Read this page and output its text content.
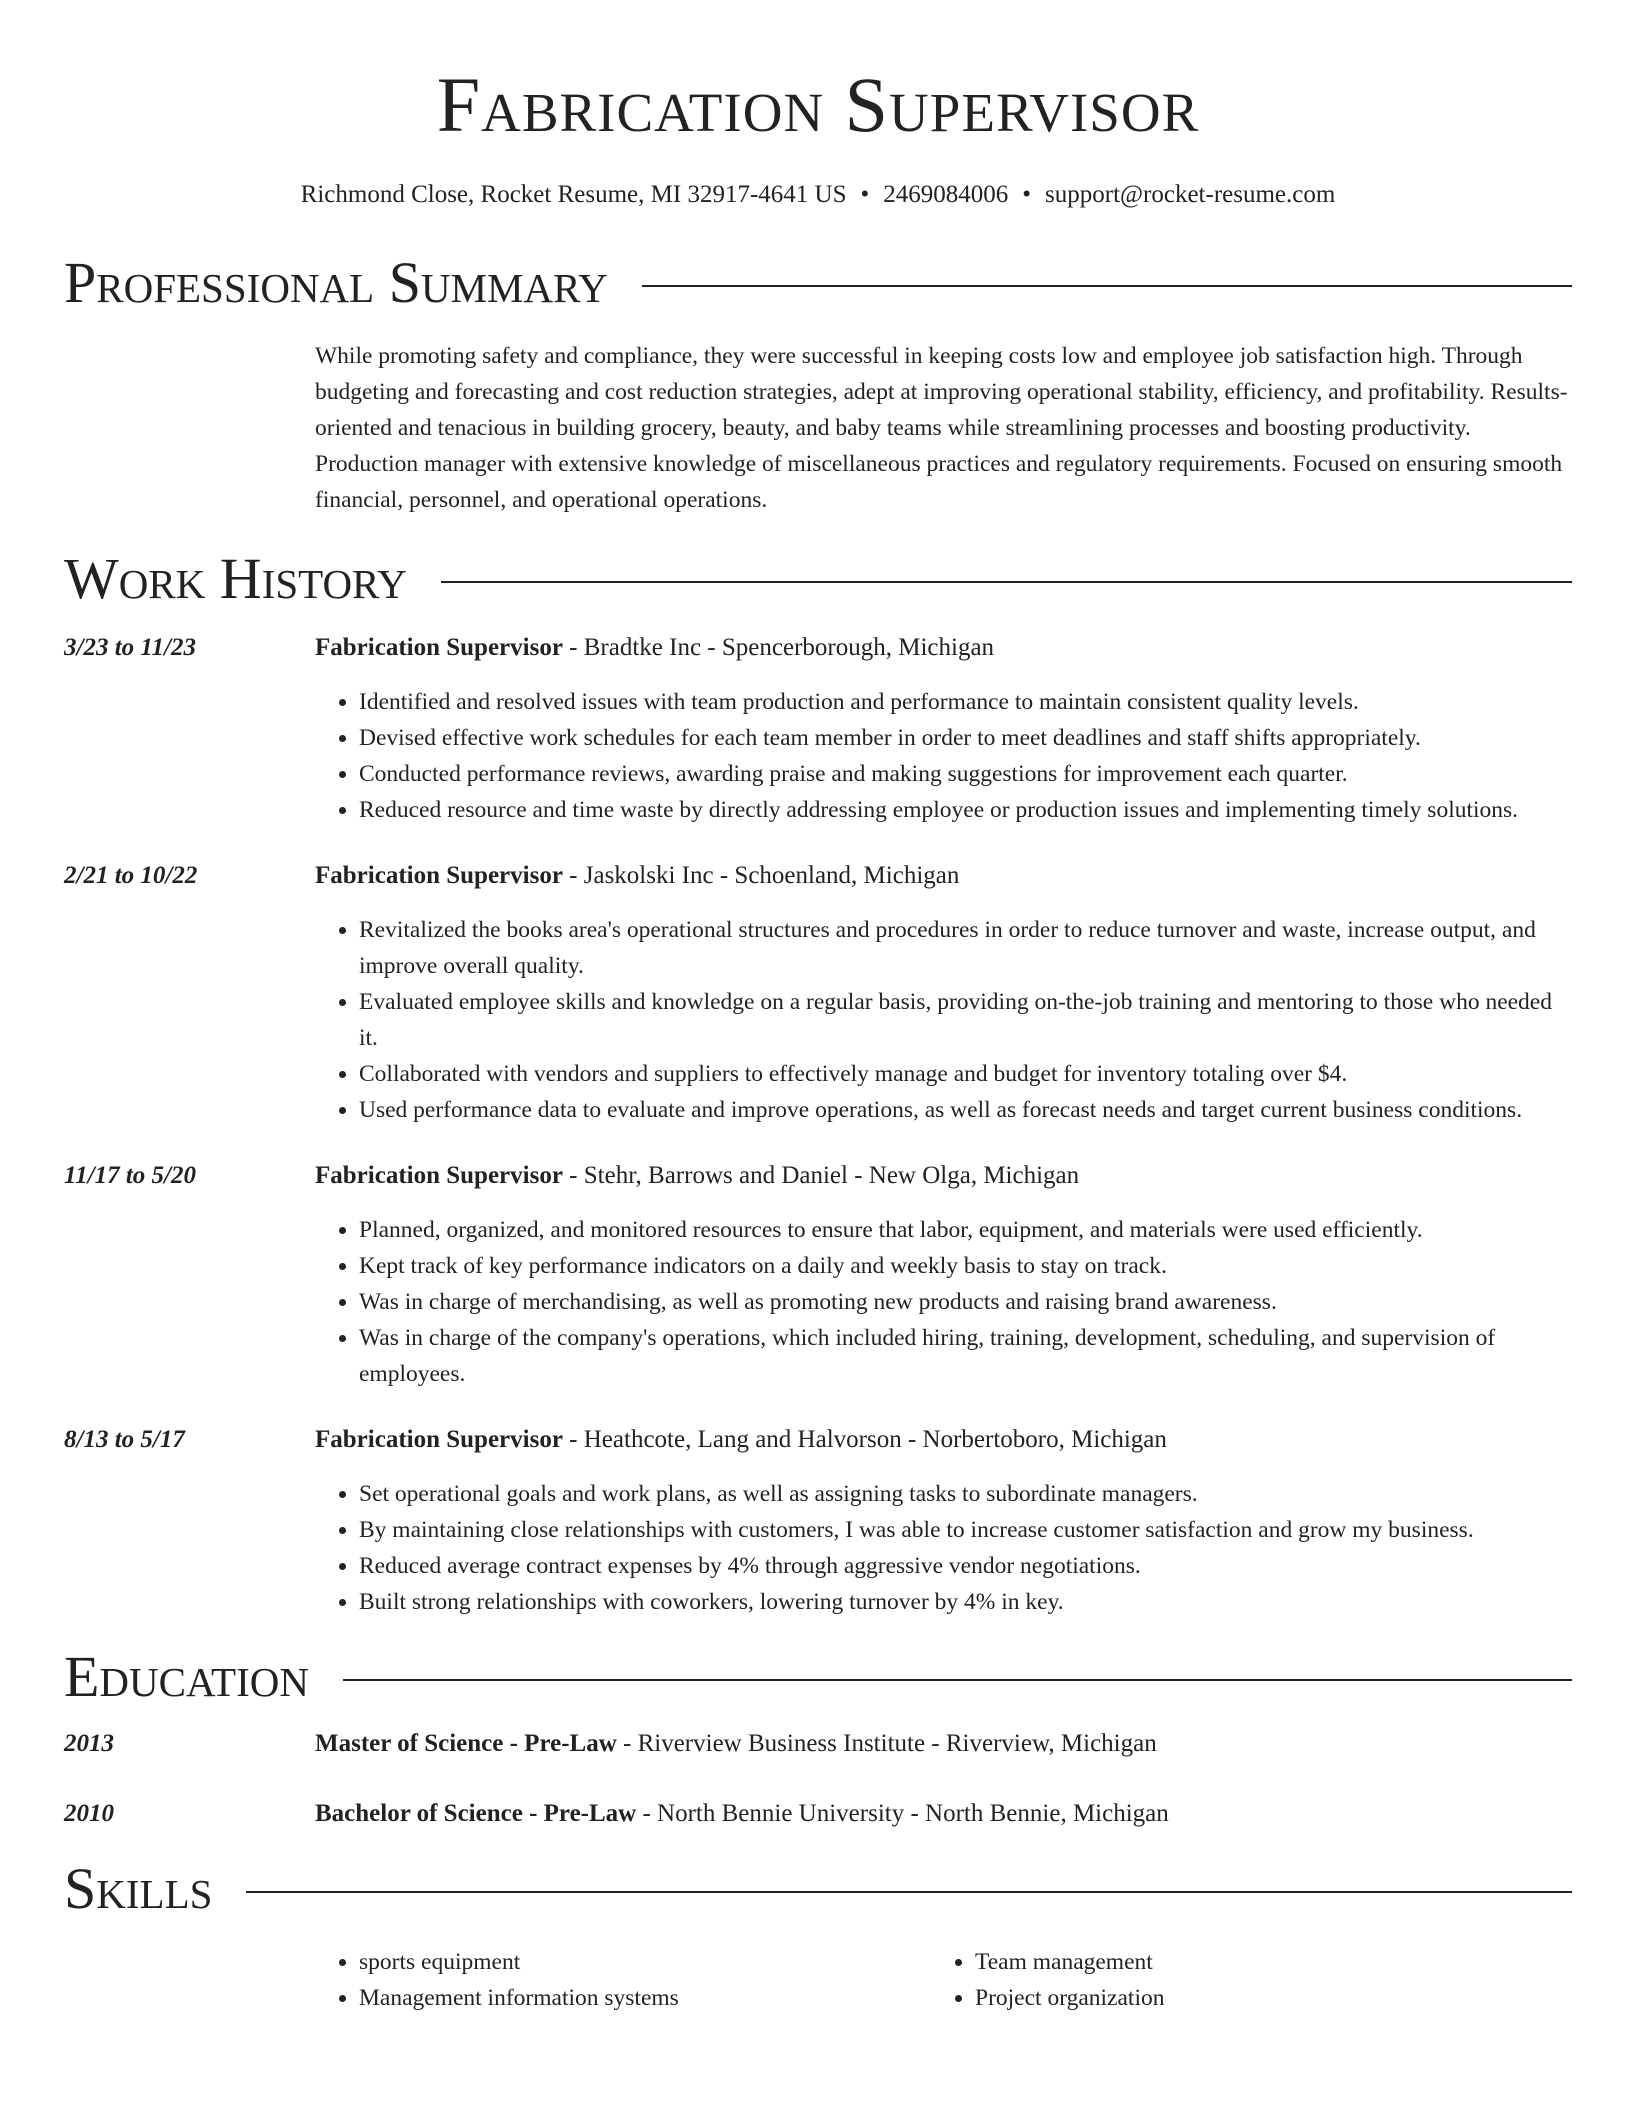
Fabrication Supervisor
Richmond Close, Rocket Resume, MI 32917-4641 US • 2469084006 • support@rocket-resume.com
Professional Summary
While promoting safety and compliance, they were successful in keeping costs low and employee job satisfaction high. Through budgeting and forecasting and cost reduction strategies, adept at improving operational stability, efficiency, and profitability. Results-oriented and tenacious in building grocery, beauty, and baby teams while streamlining processes and boosting productivity. Production manager with extensive knowledge of miscellaneous practices and regulatory requirements. Focused on ensuring smooth financial, personnel, and operational operations.
Work History
3/23 to 11/23	Fabrication Supervisor - Bradtke Inc - Spencerborough, Michigan
• Identified and resolved issues with team production and performance to maintain consistent quality levels.
• Devised effective work schedules for each team member in order to meet deadlines and staff shifts appropriately.
• Conducted performance reviews, awarding praise and making suggestions for improvement each quarter.
• Reduced resource and time waste by directly addressing employee or production issues and implementing timely solutions.
2/21 to 10/22	Fabrication Supervisor - Jaskolski Inc - Schoenland, Michigan
• Revitalized the books area's operational structures and procedures in order to reduce turnover and waste, increase output, and improve overall quality.
• Evaluated employee skills and knowledge on a regular basis, providing on-the-job training and mentoring to those who needed it.
• Collaborated with vendors and suppliers to effectively manage and budget for inventory totaling over $4.
• Used performance data to evaluate and improve operations, as well as forecast needs and target current business conditions.
11/17 to 5/20	Fabrication Supervisor - Stehr, Barrows and Daniel - New Olga, Michigan
• Planned, organized, and monitored resources to ensure that labor, equipment, and materials were used efficiently.
• Kept track of key performance indicators on a daily and weekly basis to stay on track.
• Was in charge of merchandising, as well as promoting new products and raising brand awareness.
• Was in charge of the company's operations, which included hiring, training, development, scheduling, and supervision of employees.
8/13 to 5/17	Fabrication Supervisor - Heathcote, Lang and Halvorson - Norbertoboro, Michigan
• Set operational goals and work plans, as well as assigning tasks to subordinate managers.
• By maintaining close relationships with customers, I was able to increase customer satisfaction and grow my business.
• Reduced average contract expenses by 4% through aggressive vendor negotiations.
• Built strong relationships with coworkers, lowering turnover by 4% in key.
Education
2013	Master of Science - Pre-Law - Riverview Business Institute - Riverview, Michigan
2010	Bachelor of Science - Pre-Law - North Bennie University - North Bennie, Michigan
Skills
• sports equipment
• Management information systems
• Team management
• Project organization
